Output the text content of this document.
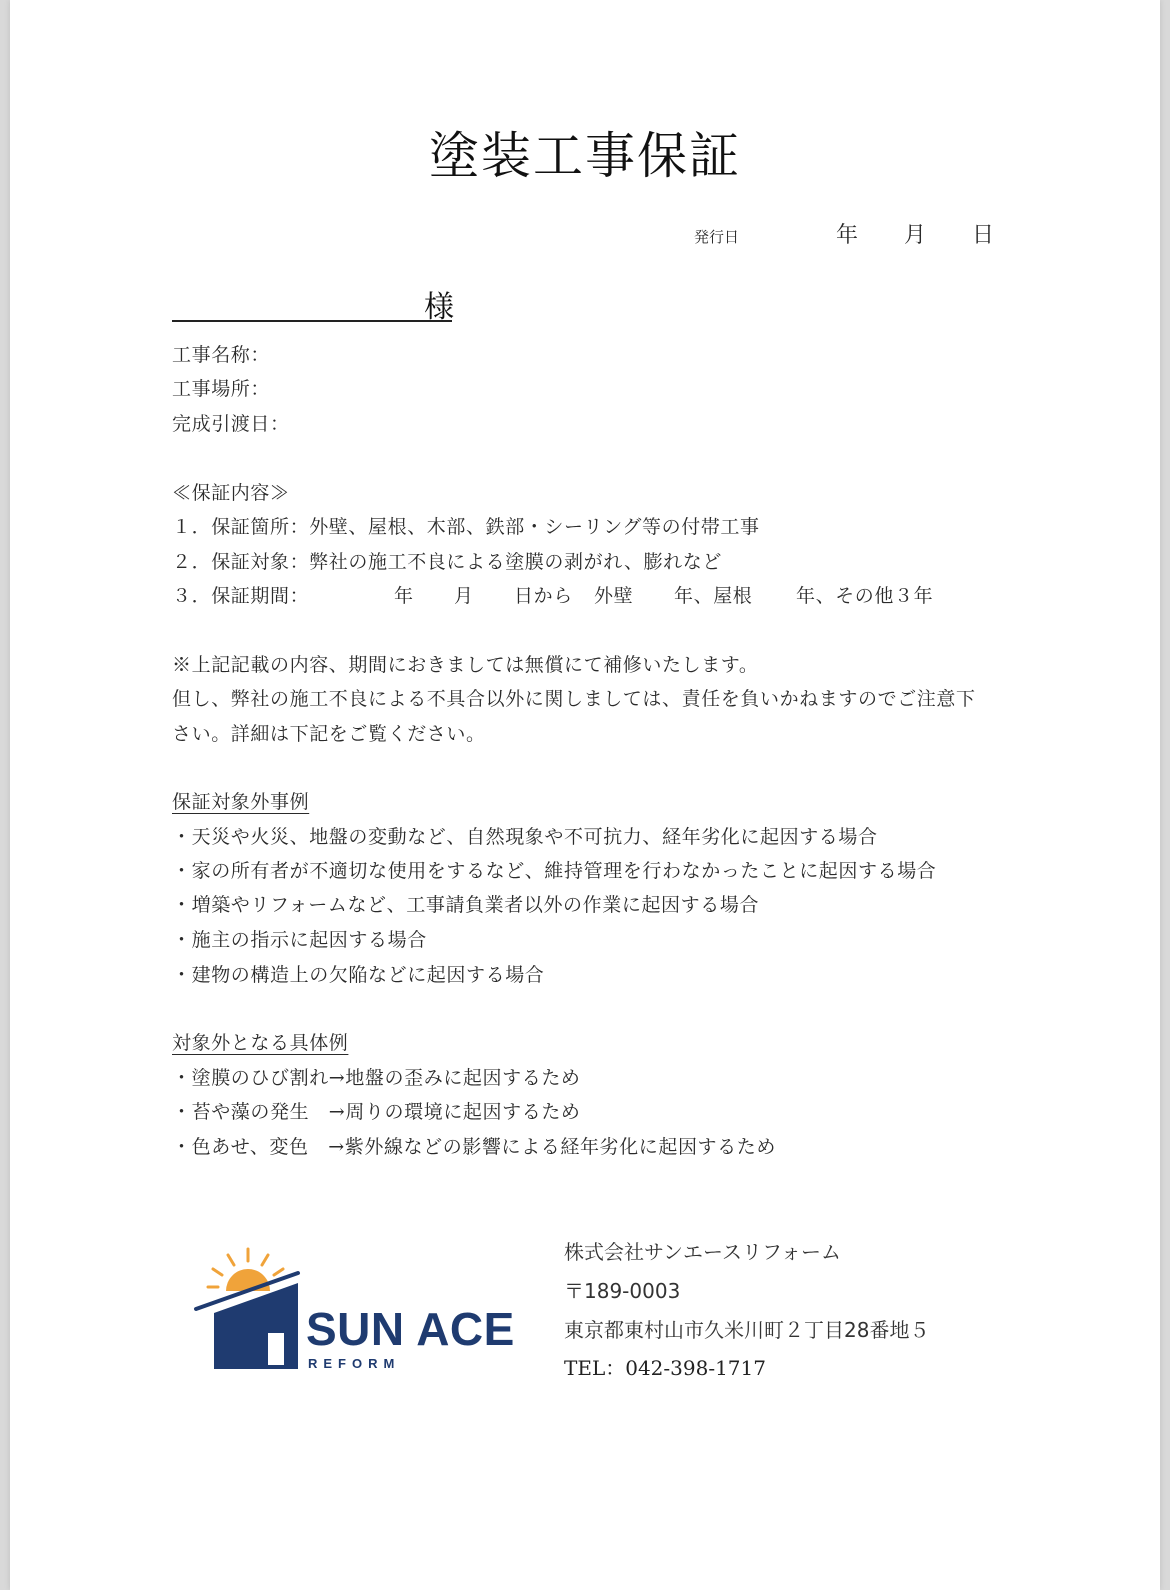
塗装工事保証
発行日	年 月 日
様
工事名称：
工事場所：
完成引渡日：
≪保証内容≫
１．保証箇所：外壁、屋根、木部、鉄部・シーリング等の付帯工事
２．保証対象：弊社の施工不良による塗膜の剥がれ、膨れなど
３．保証期間：	年 月 日から 外壁 年、屋根 年、その他３年
※上記記載の内容、期間におきましては無償にて補修いたします。
但し、弊社の施工不良による不具合以外に関しましては、責任を負いかねますのでご注意下
さい。詳細は下記をご覧ください。
保証対象外事例
・天災や火災、地盤の変動など、自然現象や不可抗力、経年劣化に起因する場合
・家の所有者が不適切な使用をするなど、維持管理を行わなかったことに起因する場合
・増築やリフォームなど、工事請負業者以外の作業に起因する場合
・施主の指示に起因する場合
・建物の構造上の欠陥などに起因する場合
対象外となる具体例
・塗膜のひび割れ→地盤の歪みに起因するため
・苔や藻の発生　→周りの環境に起因するため
・色あせ、変色　→紫外線などの影響による経年劣化に起因するため
SUN ACE
REFORM
株式会社サンエースリフォーム
〒189-0003
東京都東村山市久米川町２丁目28番地５
TEL：042-398-1717
